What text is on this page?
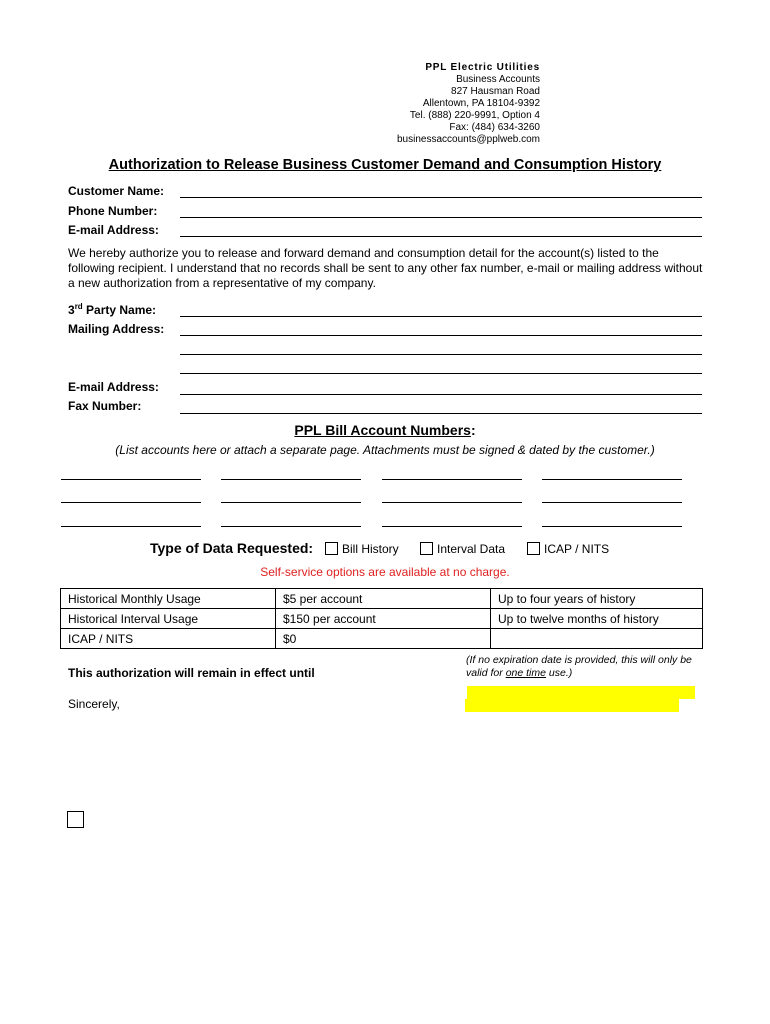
PPL Electric Utilities
Business Accounts
827 Hausman Road
Allentown, PA 18104-9392
Tel. (888) 220-9991, Option 4
Fax: (484) 634-3260
businessaccounts@pplweb.com
Authorization to Release Business Customer Demand and Consumption History
Customer Name:
Phone Number:
E-mail Address:
We hereby authorize you to release and forward demand and consumption detail for the account(s) listed to the following recipient. I understand that no records shall be sent to any other fax number, e-mail or mailing address without a new authorization from a representative of my company.
3rd Party Name:
Mailing Address:
E-mail Address:
Fax Number:
PPL Bill Account Numbers:
(List accounts here or attach a separate page. Attachments must be signed & dated by the customer.)
Type of Data Requested: Bill History	Interval Data	ICAP / NITS
Self-service options are available at no charge.
Historical Monthly Usage	$5 per account	Up to four years of history
Historical Interval Usage	$150 per account	Up to twelve months of history
ICAP / NITS	$0	
This authorization will remain in effect until
(If no expiration date is provided, this will only be valid for one time use.)
Sincerely,
